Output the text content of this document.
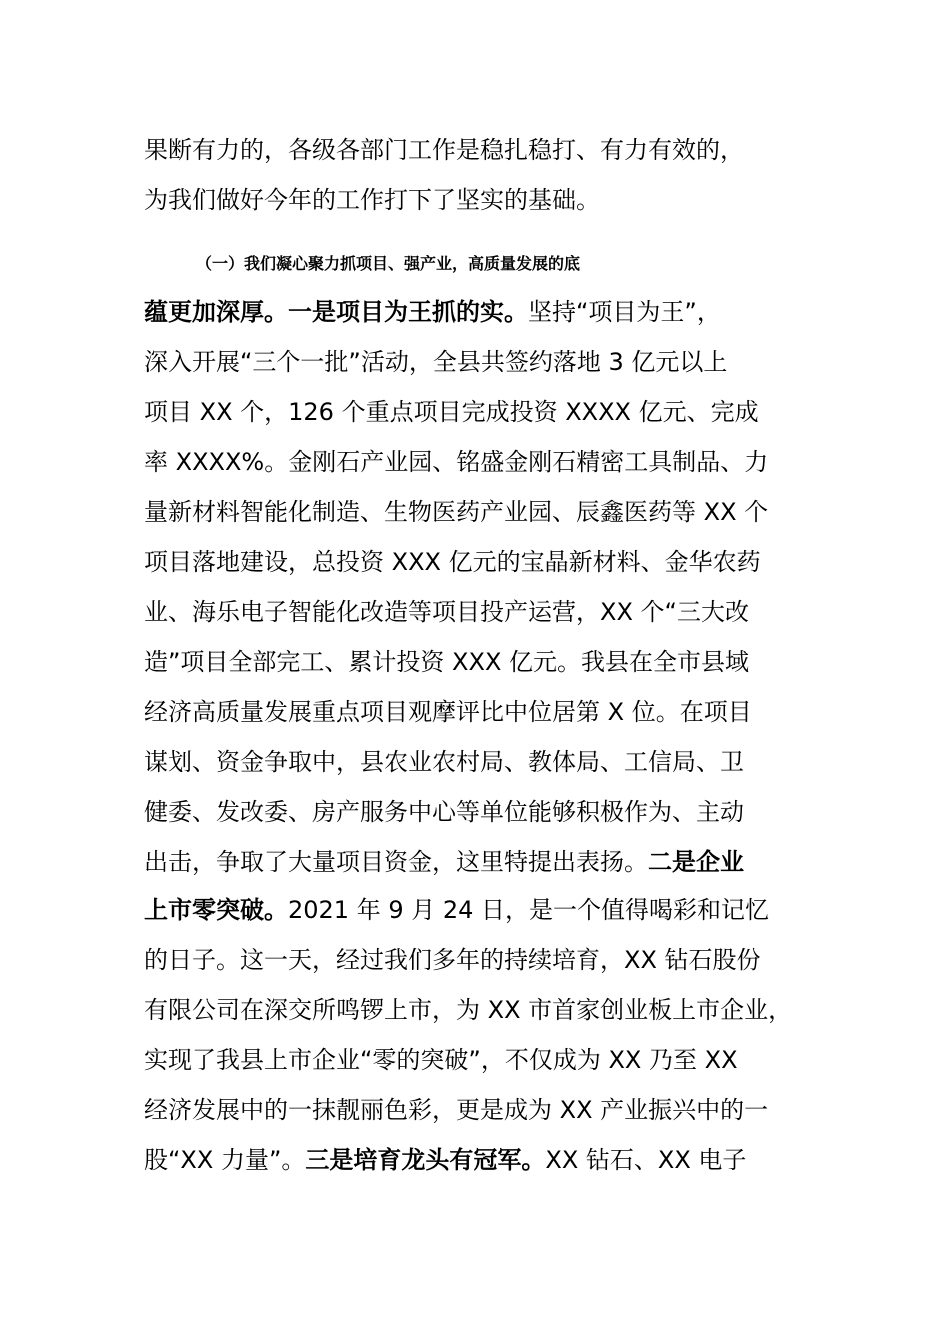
果断有力的，各级各部门工作是稳扎稳打、有力有效的，
为我们做好今年的工作打下了坚实的基础。
（一）我们凝心聚力抓项目、强产业，高质量发展的底
蕴更加深厚。一是项目为王抓的实。坚持“项目为王”，
深入开展“三个一批”活动，全县共签约落地 3 亿元以上
项目 XX 个，126 个重点项目完成投资 XXXX 亿元、完成
率 XXXX%。金刚石产业园、铭盛金刚石精密工具制品、力
量新材料智能化制造、生物医药产业园、辰鑫医药等 XX 个
项目落地建设，总投资 XXX 亿元的宝晶新材料、金华农药
业、海乐电子智能化改造等项目投产运营，XX 个“三大改
造”项目全部完工、累计投资 XXX 亿元。我县在全市县域
经济高质量发展重点项目观摩评比中位居第 X 位。在项目
谋划、资金争取中，县农业农村局、教体局、工信局、卫
健委、发改委、房产服务中心等单位能够积极作为、主动
出击，争取了大量项目资金，这里特提出表扬。二是企业
上市零突破。2021 年 9 月 24 日，是一个值得喝彩和记忆
的日子。这一天，经过我们多年的持续培育，XX 钻石股份
有限公司在深交所鸣锣上市，为 XX 市首家创业板上市企业，
实现了我县上市企业“零的突破”，不仅成为 XX 乃至 XX
经济发展中的一抹靓丽色彩，更是成为 XX 产业振兴中的一
股“XX 力量”。三是培育龙头有冠军。XX 钻石、XX 电子
